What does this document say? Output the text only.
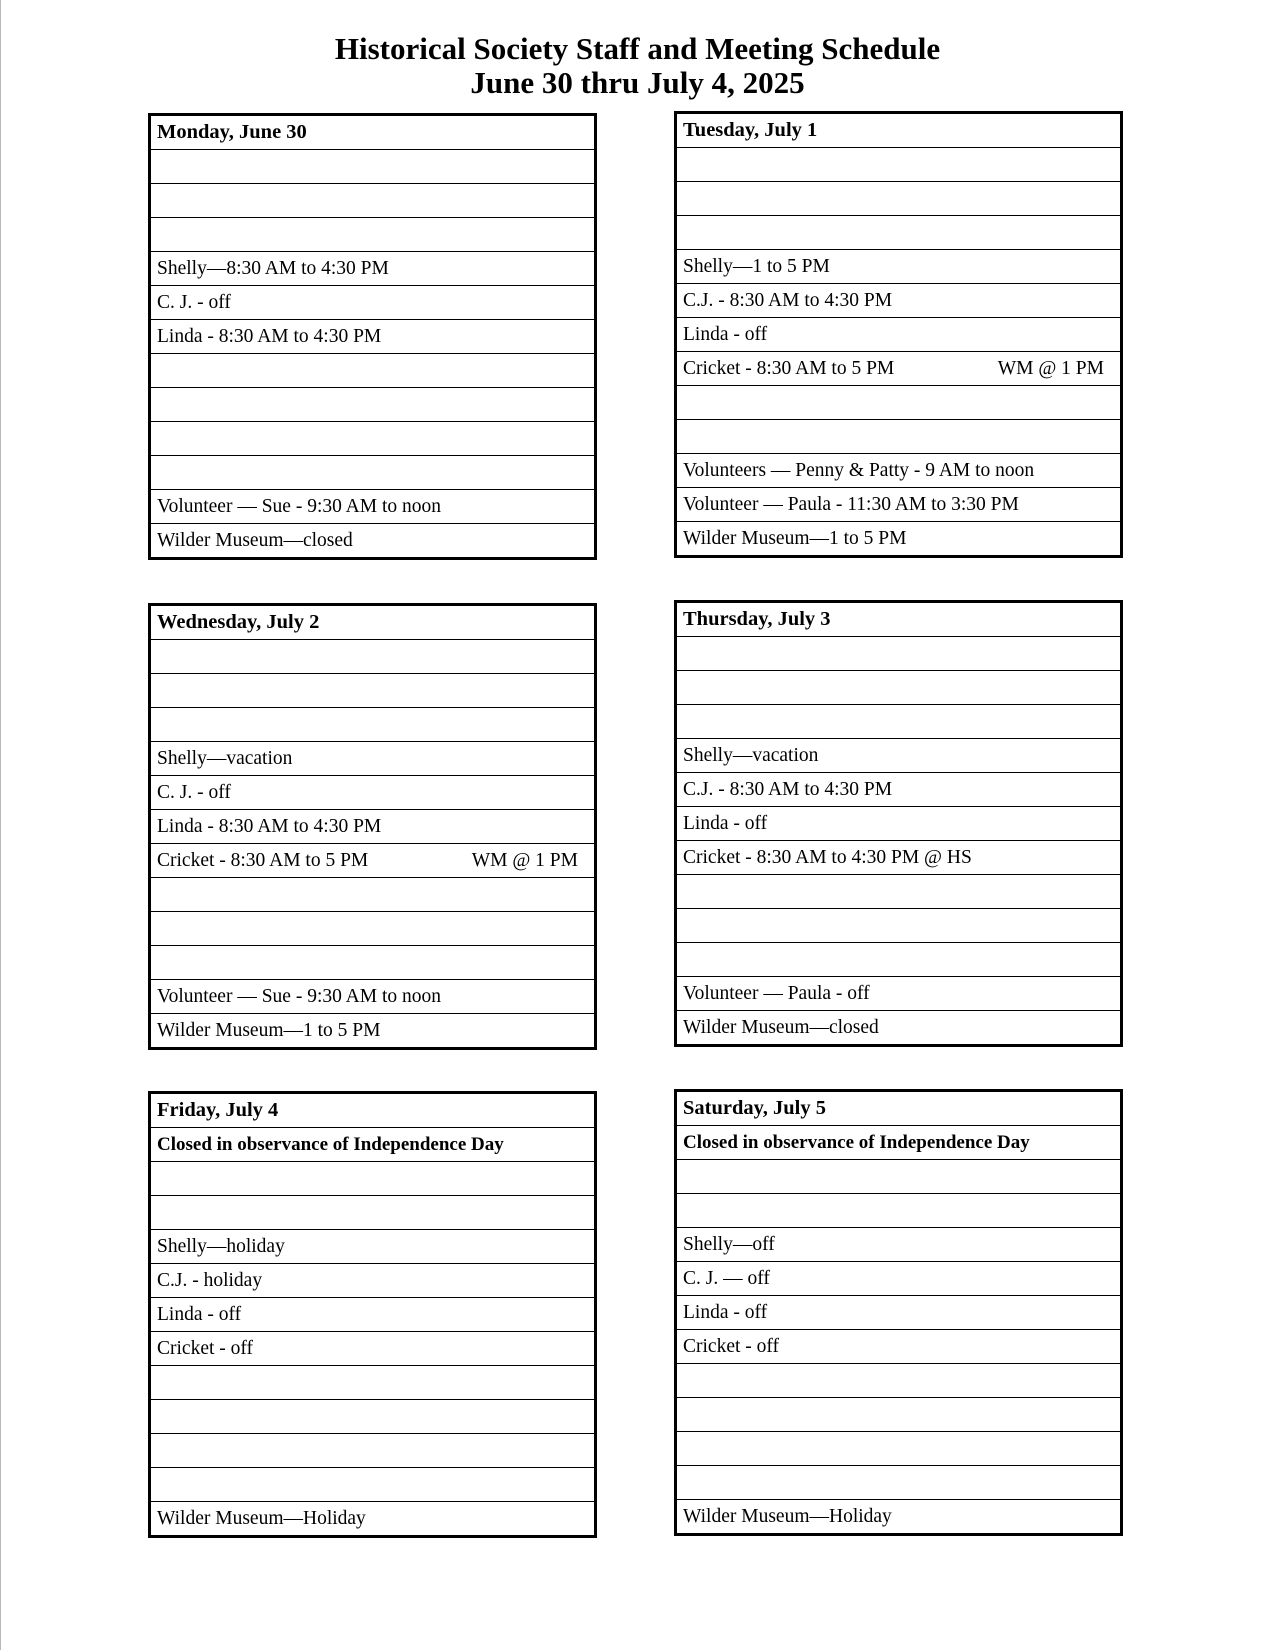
Historical Society Staff and Meeting Schedule
June 30 thru July 4, 2025
Monday, June 30
Shelly—8:30 AM to 4:30 PM
C. J. - off
Linda - 8:30 AM to 4:30 PM
Volunteer — Sue - 9:30 AM to noon
Wilder Museum—closed
Tuesday, July 1
Shelly—1 to 5 PM
C.J. - 8:30 AM to 4:30 PM
Linda - off
Cricket - 8:30 AM to 5 PM	WM @ 1 PM
Volunteers — Penny & Patty - 9 AM to noon
Volunteer — Paula - 11:30 AM to 3:30 PM
Wilder Museum—1 to 5 PM
Wednesday, July 2
Shelly—vacation
C. J. - off
Linda - 8:30 AM to 4:30 PM
Cricket - 8:30 AM to 5 PM	WM @ 1 PM
Volunteer — Sue - 9:30 AM to noon
Wilder Museum—1 to 5 PM
Thursday, July 3
Shelly—vacation
C.J. - 8:30 AM to 4:30 PM
Linda - off
Cricket - 8:30 AM to 4:30 PM @ HS
Volunteer — Paula - off
Wilder Museum—closed
Friday, July 4
Closed in observance of Independence Day
Shelly—holiday
C.J. - holiday
Linda - off
Cricket - off
Wilder Museum—Holiday
Saturday, July 5
Closed in observance of Independence Day
Shelly—off
C. J. — off
Linda - off
Cricket - off
Wilder Museum—Holiday
